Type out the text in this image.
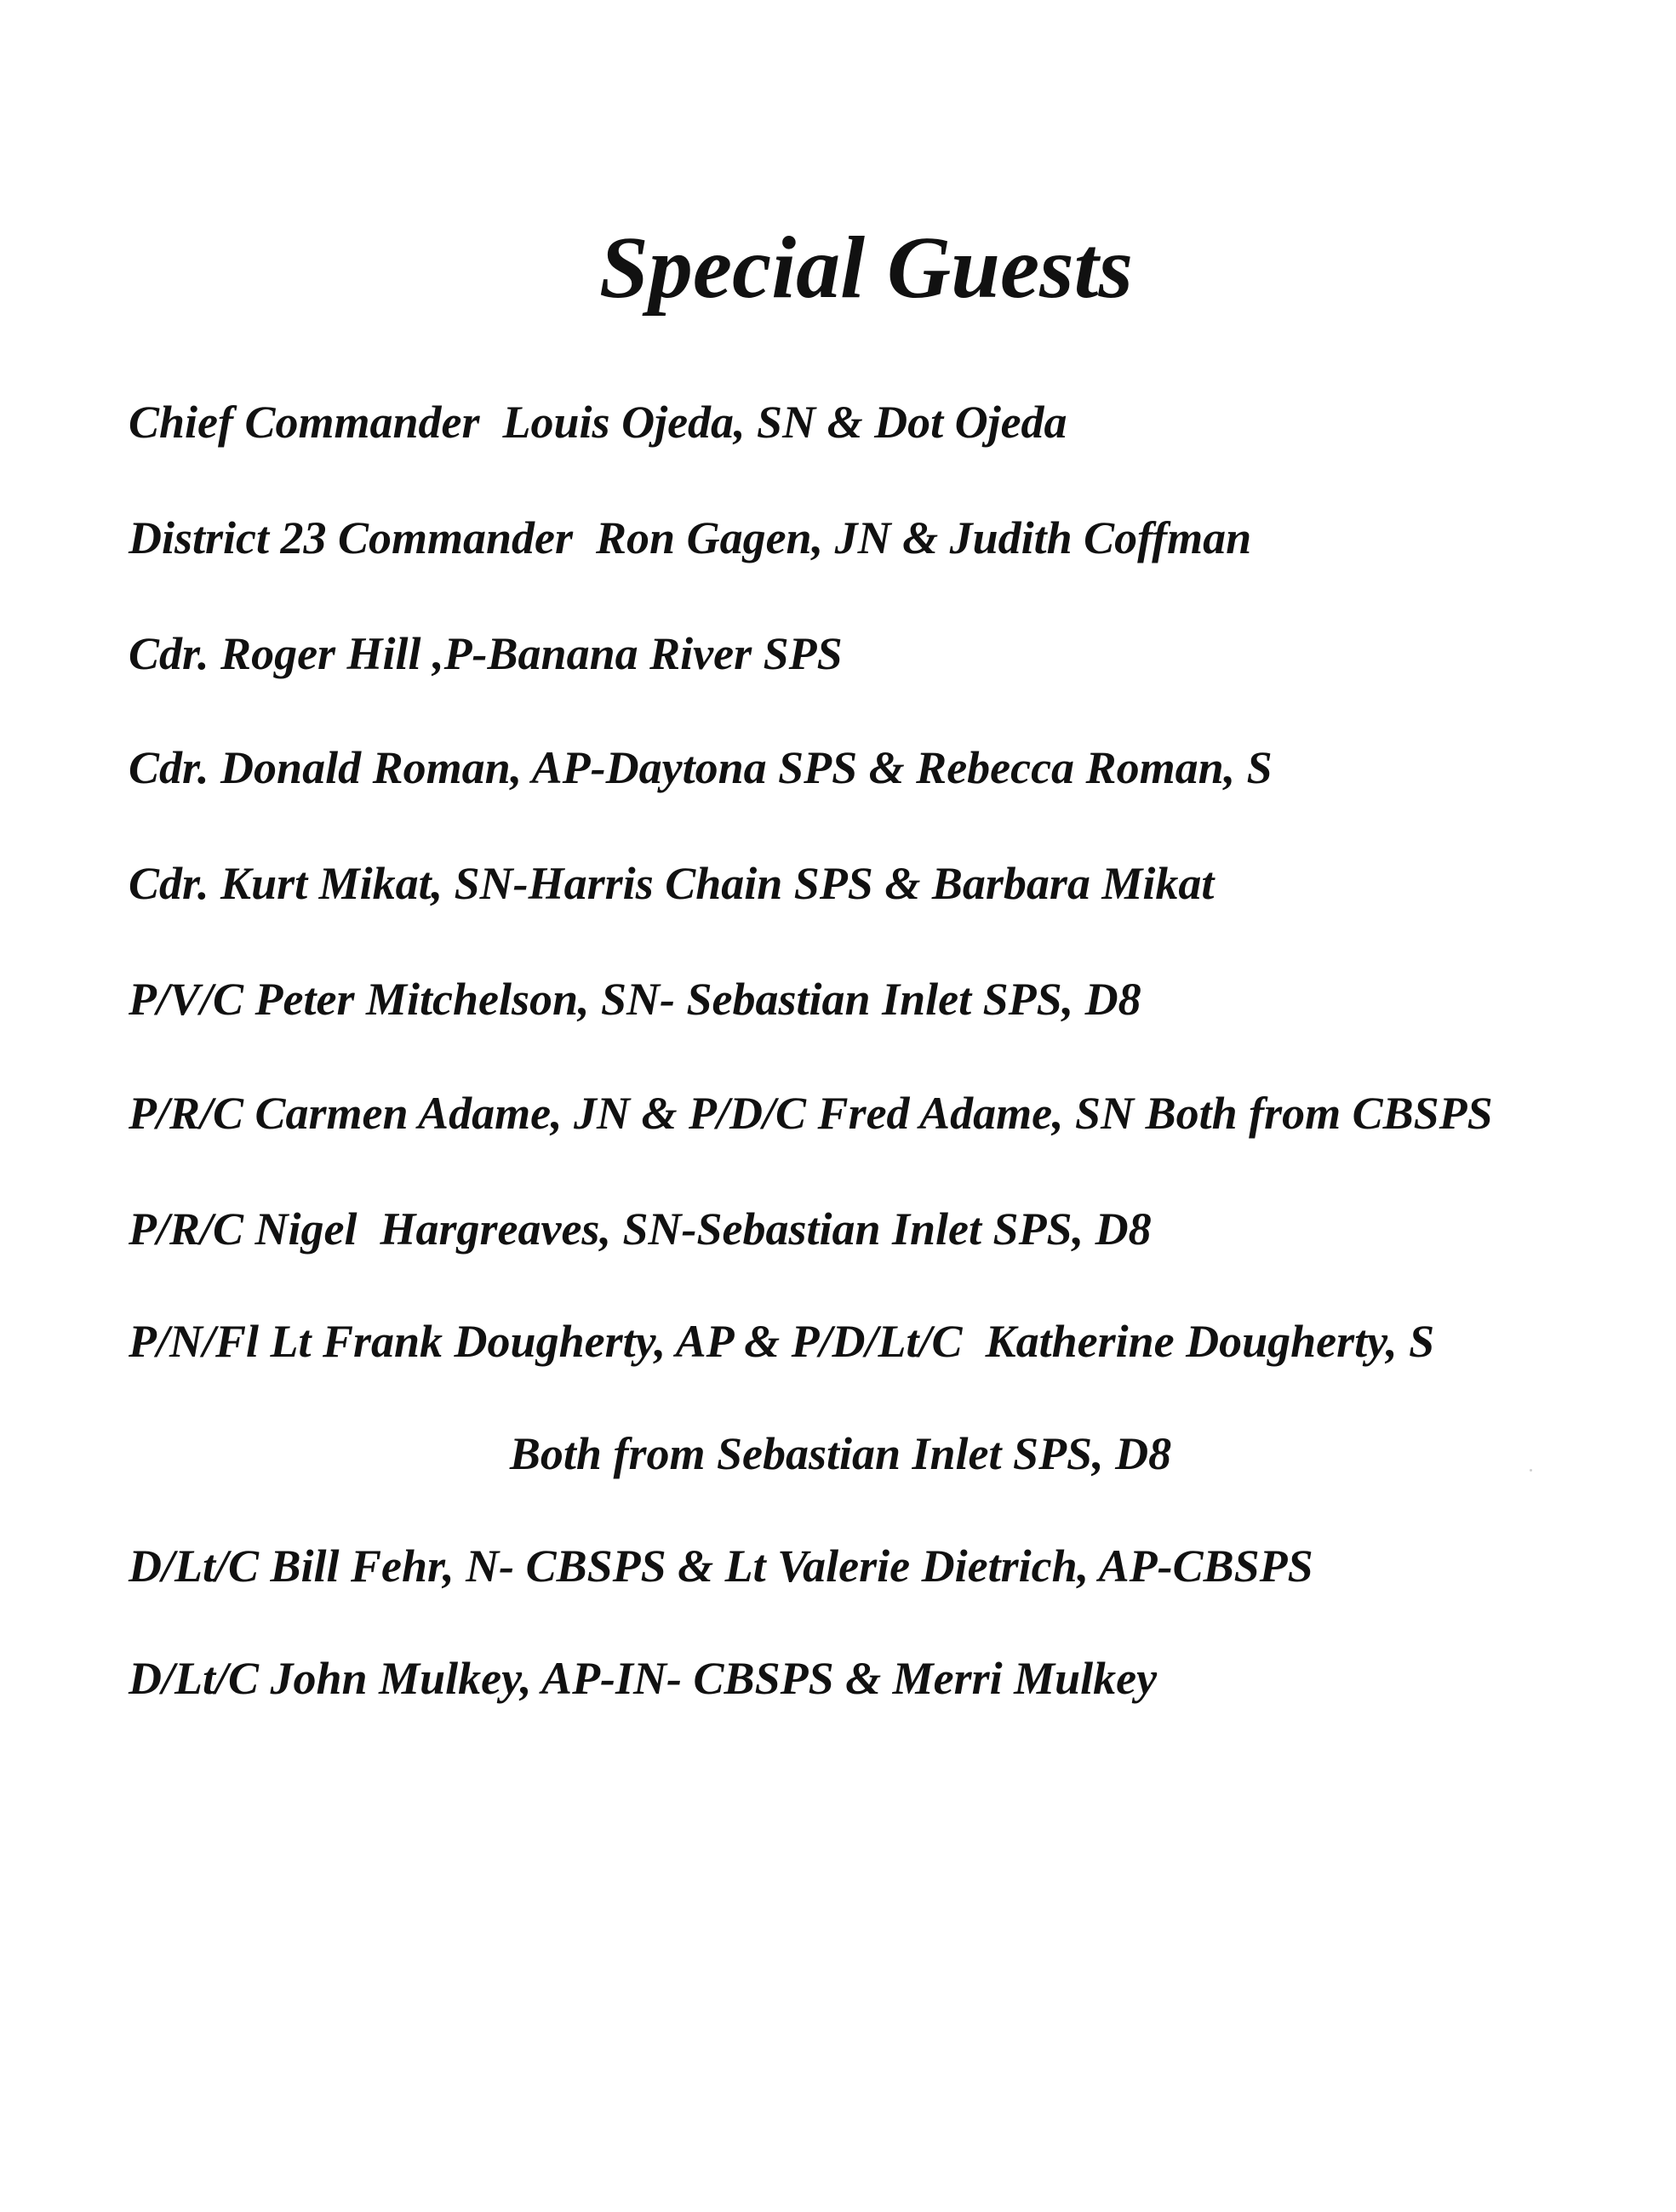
Special Guests
Chief Commander  Louis Ojeda, SN & Dot Ojeda
District 23 Commander  Ron Gagen, JN & Judith Coffman
Cdr. Roger Hill ,P-Banana River SPS
Cdr. Donald Roman, AP-Daytona SPS & Rebecca Roman, S
Cdr. Kurt Mikat, SN-Harris Chain SPS & Barbara Mikat
P/V/C Peter Mitchelson, SN- Sebastian Inlet SPS, D8
P/R/C Carmen Adame, JN & P/D/C Fred Adame, SN Both from CBSPS
P/R/C Nigel  Hargreaves, SN-Sebastian Inlet SPS, D8
P/N/Fl Lt Frank Dougherty, AP & P/D/Lt/C  Katherine Dougherty, S
Both from Sebastian Inlet SPS, D8
D/Lt/C Bill Fehr, N- CBSPS & Lt Valerie Dietrich, AP-CBSPS
D/Lt/C John Mulkey, AP-IN- CBSPS & Merri Mulkey
